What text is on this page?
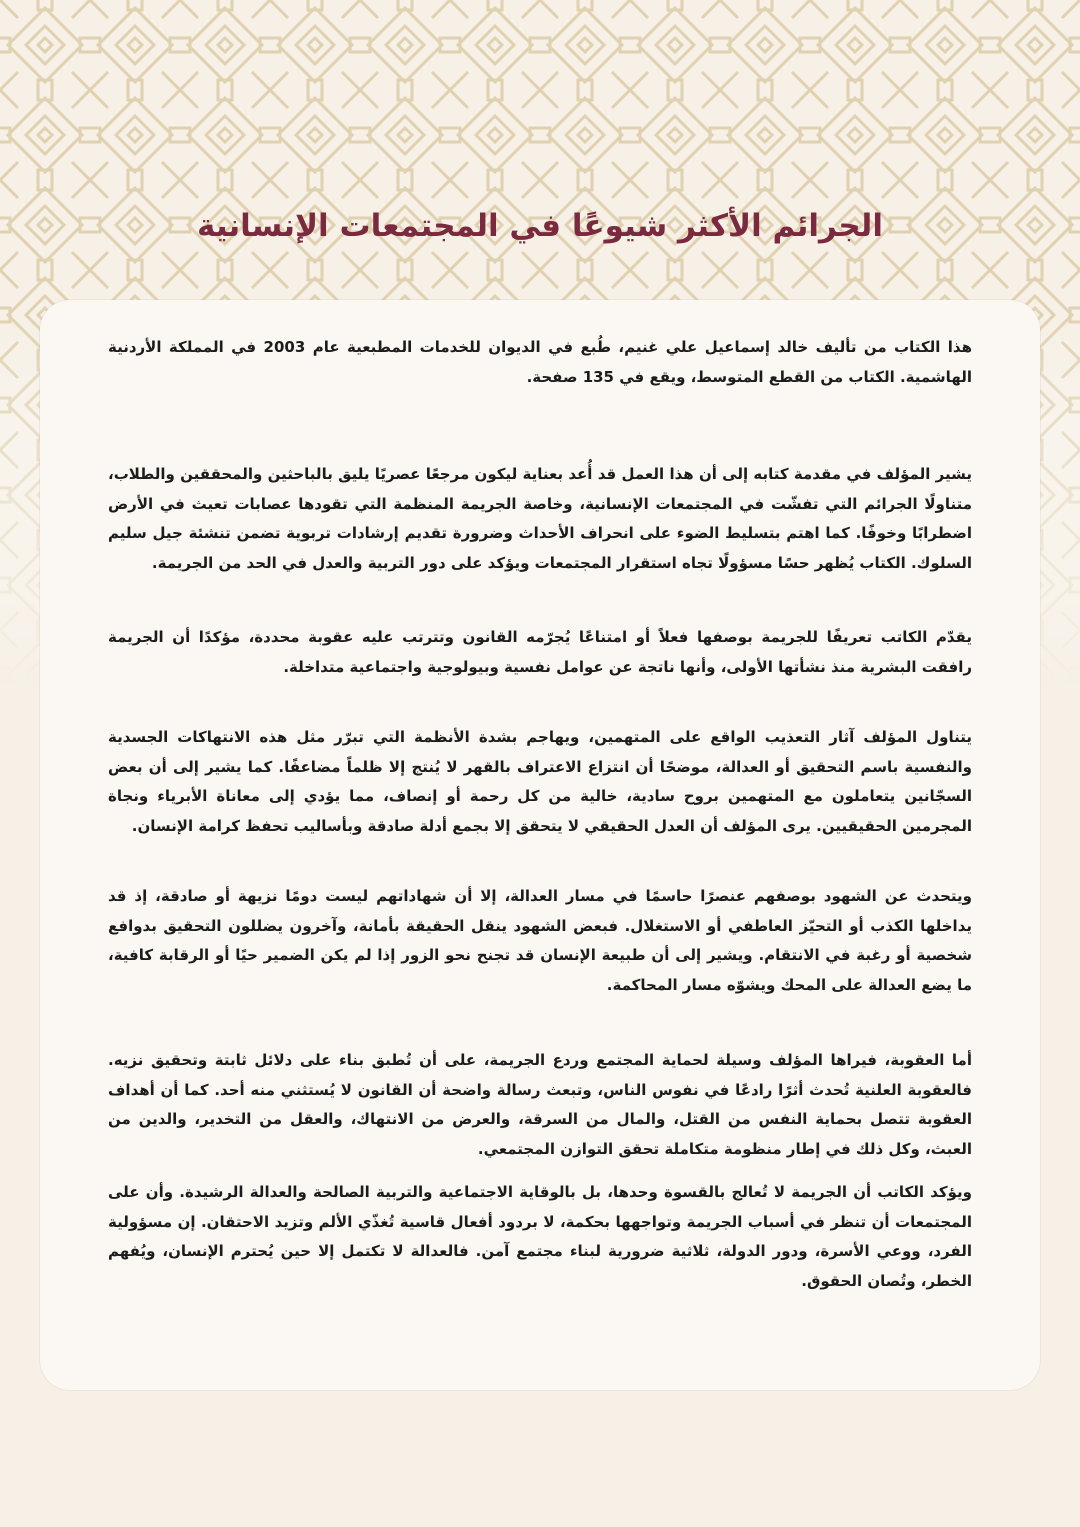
الجرائم الأكثر شيوعًا في المجتمعات الإنسانية

هذا الكتاب من تأليف خالد إسماعيل علي غنيم، طُبع في الديوان للخدمات المطبعية عام 2003 في المملكة الأردنية الهاشمية. الكتاب من القطع المتوسط، ويقع في 135 صفحة.

يشير المؤلف في مقدمة كتابه إلى أن هذا العمل قد أُعد بعناية ليكون مرجعًا عصريًا يليق بالباحثين والمحققين والطلاب، متناولًا الجرائم التي تفشّت في المجتمعات الإنسانية، وخاصة الجريمة المنظمة التي تقودها عصابات تعيث في الأرض اضطرابًا وخوفًا. كما اهتم بتسليط الضوء على انحراف الأحداث وضرورة تقديم إرشادات تربوية تضمن تنشئة جيل سليم السلوك. الكتاب يُظهر حسًا مسؤولًا تجاه استقرار المجتمعات ويؤكد على دور التربية والعدل في الحد من الجريمة.

يقدّم الكاتب تعريفًا للجريمة بوصفها فعلاً أو امتناعًا يُجرّمه القانون وتترتب عليه عقوبة محددة، مؤكدًا أن الجريمة رافقت البشرية منذ نشأتها الأولى، وأنها ناتجة عن عوامل نفسية وبيولوجية واجتماعية متداخلة.

يتناول المؤلف آثار التعذيب الواقع على المتهمين، ويهاجم بشدة الأنظمة التي تبرّر مثل هذه الانتهاكات الجسدية والنفسية باسم التحقيق أو العدالة، موضحًا أن انتزاع الاعتراف بالقهر لا يُنتج إلا ظلماً مضاعفًا. كما يشير إلى أن بعض السجّانين يتعاملون مع المتهمين بروح سادية، خالية من كل رحمة أو إنصاف، مما يؤدي إلى معاناة الأبرياء ونجاة المجرمين الحقيقيين. يرى المؤلف أن العدل الحقيقي لا يتحقق إلا بجمع أدلة صادقة وبأساليب تحفظ كرامة الإنسان.

ويتحدث عن الشهود بوصفهم عنصرًا حاسمًا في مسار العدالة، إلا أن شهاداتهم ليست دومًا نزيهة أو صادقة، إذ قد يداخلها الكذب أو التحيّز العاطفي أو الاستغلال. فبعض الشهود ينقل الحقيقة بأمانة، وآخرون يضللون التحقيق بدوافع شخصية أو رغبة في الانتقام. ويشير إلى أن طبيعة الإنسان قد تجنح نحو الزور إذا لم يكن الضمير حيًا أو الرقابة كافية، ما يضع العدالة على المحك ويشوّه مسار المحاكمة.

أما العقوبة، فيراها المؤلف وسيلة لحماية المجتمع وردع الجريمة، على أن تُطبق بناء على دلائل ثابتة وتحقيق نزيه. فالعقوبة العلنية تُحدث أثرًا رادعًا في نفوس الناس، وتبعث رسالة واضحة أن القانون لا يُستثني منه أحد. كما أن أهداف العقوبة تتصل بحماية النفس من القتل، والمال من السرقة، والعرض من الانتهاك، والعقل من التخدير، والدين من العبث، وكل ذلك في إطار منظومة متكاملة تحقق التوازن المجتمعي.

ويؤكد الكاتب أن الجريمة لا تُعالج بالقسوة وحدها، بل بالوقاية الاجتماعية والتربية الصالحة والعدالة الرشيدة. وأن على المجتمعات أن تنظر في أسباب الجريمة وتواجهها بحكمة، لا بردود أفعال قاسية تُغذّي الألم وتزيد الاحتقان. إن مسؤولية الفرد، ووعي الأسرة، ودور الدولة، ثلاثية ضرورية لبناء مجتمع آمن. فالعدالة لا تكتمل إلا حين يُحترم الإنسان، ويُفهم الخطر، وتُصان الحقوق.
